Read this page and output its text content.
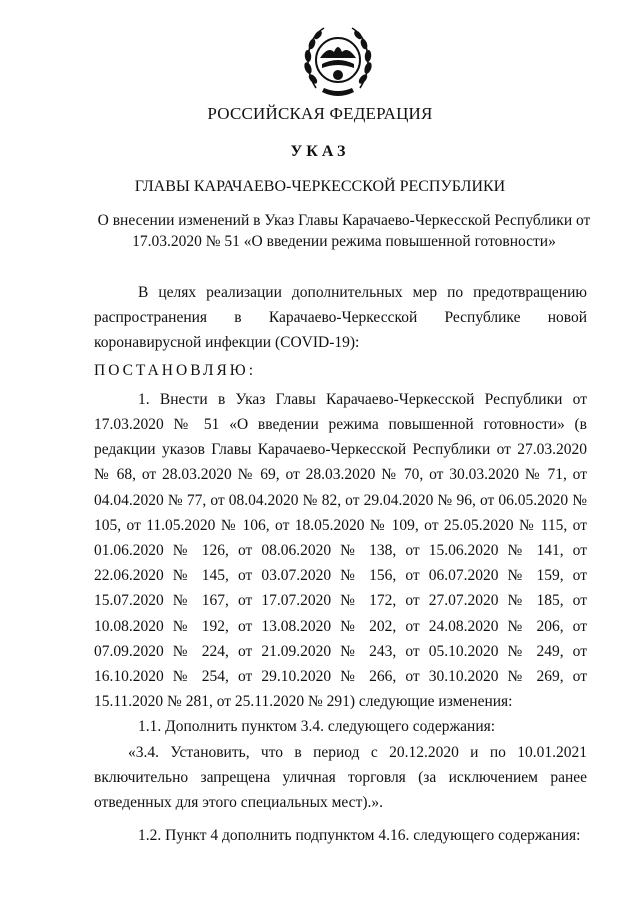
РОССИЙСКАЯ ФЕДЕРАЦИЯ
УКАЗ
ГЛАВЫ КАРАЧАЕВО-ЧЕРКЕССКОЙ РЕСПУБЛИКИ
О внесении изменений в Указ Главы Карачаево-Черкесской Республики от 17.03.2020 № 51 «О введении режима повышенной готовности»

В целях реализации дополнительных мер по предотвращению распространения в Карачаево-Черкесской Республике новой коронавирусной инфекции (COVID-19):

ПОСТАНОВЛЯЮ:

1. Внести в Указ Главы Карачаево-Черкесской Республики от 17.03.2020 № 51 «О введении режима повышенной готовности» (в редакции указов Главы Карачаево-Черкесской Республики от 27.03.2020 № 68, от 28.03.2020 № 69, от 28.03.2020 № 70, от 30.03.2020 № 71, от 04.04.2020 № 77, от 08.04.2020 № 82, от 29.04.2020 № 96, от 06.05.2020 № 105, от 11.05.2020 № 106, от 18.05.2020 № 109, от 25.05.2020 № 115, от 01.06.2020 № 126, от 08.06.2020 № 138, от 15.06.2020 № 141, от 22.06.2020 № 145, от 03.07.2020 № 156, от 06.07.2020 № 159, от 15.07.2020 № 167, от 17.07.2020 № 172, от 27.07.2020 № 185, от 10.08.2020 № 192, от 13.08.2020 № 202, от 24.08.2020 № 206, от 07.09.2020 № 224, от 21.09.2020 № 243, от 05.10.2020 № 249, от 16.10.2020 № 254, от 29.10.2020 № 266, от 30.10.2020 № 269, от 15.11.2020 № 281, от 25.11.2020 № 291) следующие изменения:

1.1. Дополнить пунктом 3.4. следующего содержания:

«3.4. Установить, что в период с 20.12.2020 и по 10.01.2021 включительно запрещена уличная торговля (за исключением ранее отведенных для этого специальных мест).».

1.2. Пункт 4 дополнить подпунктом 4.16. следующего содержания:
